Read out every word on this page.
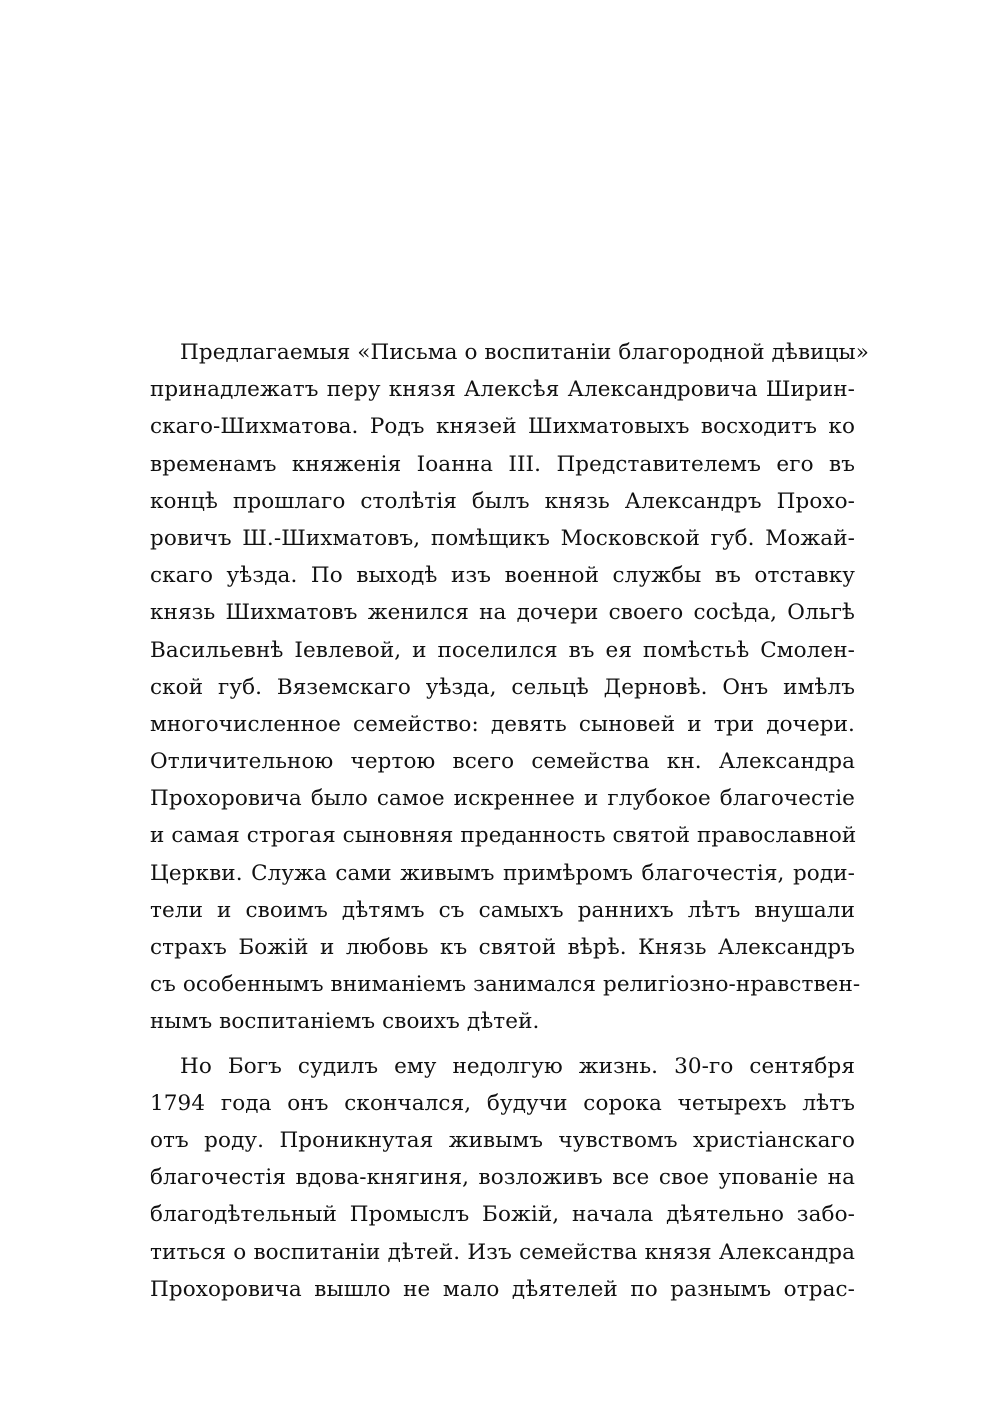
Предлагаемыя «Письма о воспитаніи благородной дѣвицы»
принадлежатъ перу князя Алексѣя Александровича Ширин-
скаго-Шихматова. Родъ князей Шихматовыхъ восходитъ ко
временамъ княженія Іоанна III. Представителемъ его въ
концѣ прошлаго столѣтія былъ князь Александръ Прохо-
ровичъ Ш.-Шихматовъ, помѣщикъ Московской губ. Можай-
скаго уѣзда. По выходѣ изъ военной службы въ отставку
князь Шихматовъ женился на дочери своего сосѣда, Ольгѣ
Васильевнѣ Іевлевой, и поселился въ ея помѣстьѣ Смолен-
ской губ. Вяземскаго уѣзда, сельцѣ Дерновѣ. Онъ имѣлъ
многочисленное семейство: девять сыновей и три дочери.
Отличительною чертою всего семейства кн. Александра
Прохоровича было самое искреннее и глубокое благочестіе
и самая строгая сыновняя преданность святой православной
Церкви. Служа сами живымъ примѣромъ благочестія, роди-
тели и своимъ дѣтямъ съ самыхъ раннихъ лѣтъ внушали
страхъ Божій и любовь къ святой вѣрѣ. Князь Александръ
съ особеннымъ вниманіемъ занимался религіозно-нравствен-
нымъ воспитаніемъ своихъ дѣтей.
Но Богъ судилъ ему недолгую жизнь. 30-го сентября
1794 года онъ скончался, будучи сорока четырехъ лѣтъ
отъ роду. Проникнутая живымъ чувствомъ христіанскаго
благочестія вдова-княгиня, возложивъ все свое упованіе на
благодѣтельный Промыслъ Божій, начала дѣятельно забо-
титься о воспитаніи дѣтей. Изъ семейства князя Александра
Прохоровича вышло не мало дѣятелей по разнымъ отрас-
